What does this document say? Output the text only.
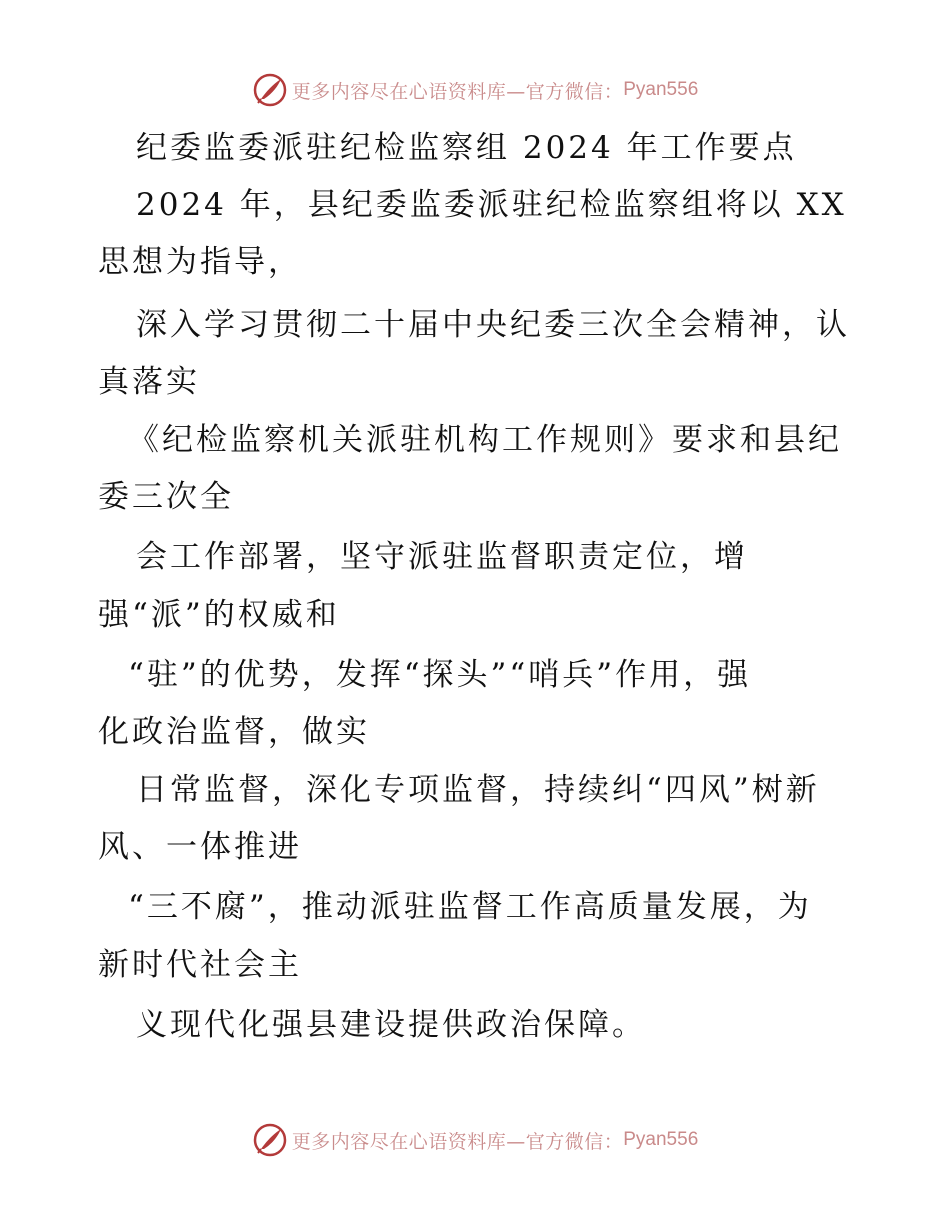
更多内容尽在心语资料库—官方微信： Pyan556
纪委监委派驻纪检监察组 2024 年工作要点
2024 年，县纪委监委派驻纪检监察组将以 XX
思想为指导，
深入学习贯彻二十届中央纪委三次全会精神，认
真落实
《纪检监察机关派驻机构工作规则》要求和县纪
委三次全
会工作部署，坚守派驻监督职责定位，增
强“派”的权威和
“驻”的优势，发挥“探头”“哨兵”作用，强
化政治监督，做实
日常监督，深化专项监督，持续纠“四风”树新
风、一体推进
“三不腐”，推动派驻监督工作高质量发展，为
新时代社会主
义现代化强县建设提供政治保障。
更多内容尽在心语资料库—官方微信： Pyan556
